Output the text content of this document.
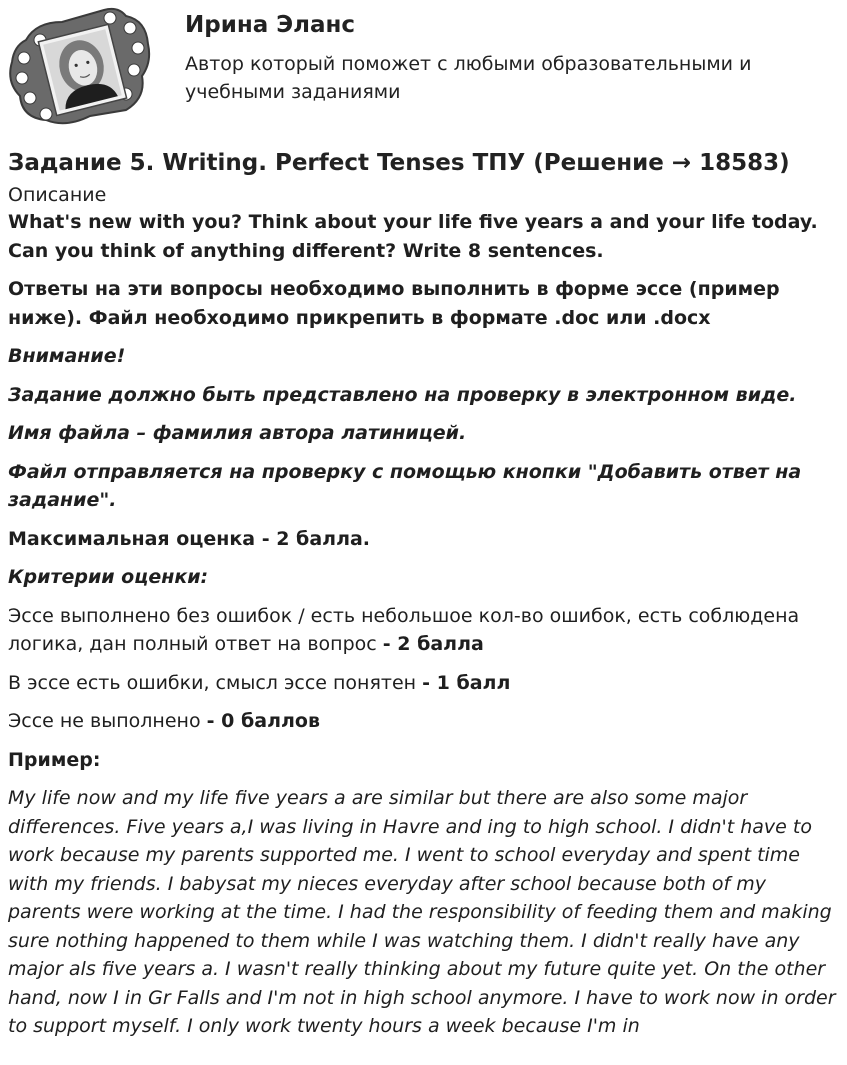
Ирина Эланс
Автор который поможет с любыми образовательными и учебными заданиями
Задание 5. Writing. Perfect Tenses ТПУ (Решение → 18583)
Описание

What's new with you? Think about your life five years a and your life today. Can you think of anything different? Write 8 sentences.

Ответы на эти вопросы необходимо выполнить в форме эссе (пример ниже). Файл необходимо прикрепить в формате .doc или .docx

Внимание!

Задание должно быть представлено на проверку в электронном виде.

Имя файла – фамилия автора латиницей.

Файл отправляется на проверку с помощью кнопки "Добавить ответ на задание".

Максимальная оценка - 2 балла.

Критерии оценки:

Эссе выполнено без ошибок / есть небольшое кол-во ошибок, есть соблюдена логика, дан полный ответ на вопрос - 2 балла

В эссе есть ошибки, смысл эссе понятен - 1 балл

Эссе не выполнено - 0 баллов

Пример:

My life now and my life five years a are similar but there are also some major differences. Five years a,I was living in Havre and ing to high school. I didn't have to work because my parents supported me. I went to school everyday and spent time with my friends. I babysat my nieces everyday after school because both of my parents were working at the time. I had the responsibility of feeding them and making sure nothing happened to them while I was watching them. I didn't really have any major als five years a. I wasn't really thinking about my future quite yet. On the other hand, now I in Gr Falls and I'm not in high school anymore. I have to work now in order to support myself. I only work twenty hours a week because I'm in
